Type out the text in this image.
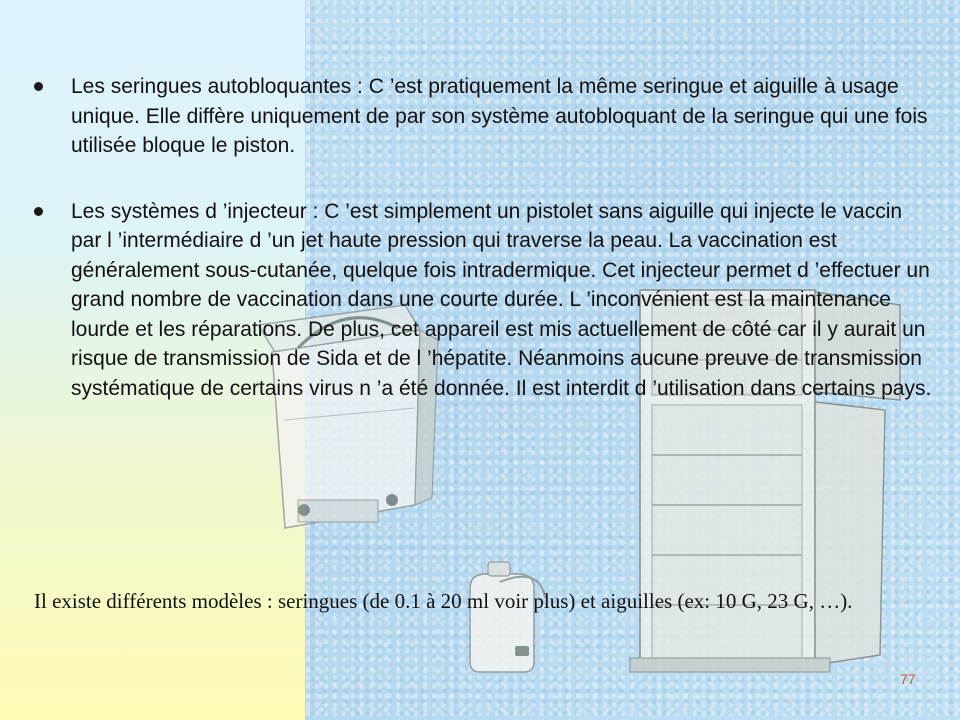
Les seringues autobloquantes : C ’est pratiquement la même seringue et aiguille à usage unique. Elle diffère uniquement de par son système autobloquant de la seringue qui une fois utilisée bloque le piston.
Les systèmes d ’injecteur : C ’est simplement un pistolet sans aiguille qui injecte le vaccin par l ’intermédiaire d ’un jet haute pression qui traverse la peau. La vaccination est généralement sous-cutanée, quelque fois intradermique. Cet injecteur permet d ’effectuer un grand nombre de vaccination dans une courte durée. L ’inconvénient est la maintenance lourde et les réparations. De plus, cet appareil est mis actuellement de côté car il y aurait un risque de transmission de Sida et de l ’hépatite. Néanmoins aucune preuve de transmission systématique de certains virus n ’a été donnée. Il est interdit d ’utilisation dans certains pays.

Il existe différents modèles : seringues (de 0.1 à 20 ml voir plus) et aiguilles (ex: 10 G, 23 G, …).

77
